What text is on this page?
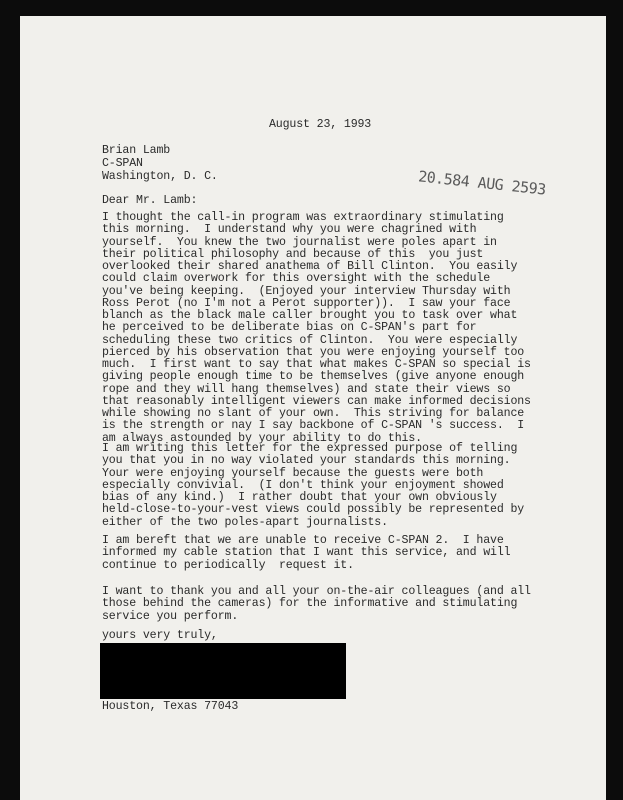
August 23, 1993
Brian Lamb
C-SPAN
Washington, D. C.	20.584 AUG 2593
Dear Mr. Lamb:
I thought the call-in program was extraordinary stimulating
this morning.  I understand why you were chagrined with
yourself.  You knew the two journalist were poles apart in
their political philosophy and because of this  you just
overlooked their shared anathema of Bill Clinton.  You easily
could claim overwork for this oversight with the schedule
you've being keeping.  (Enjoyed your interview Thursday with
Ross Perot (no I'm not a Perot supporter)).  I saw your face
blanch as the black male caller brought you to task over what
he perceived to be deliberate bias on C-SPAN's part for
scheduling these two critics of Clinton.  You were especially
pierced by his observation that you were enjoying yourself too
much.  I first want to say that what makes C-SPAN so special is
giving people enough time to be themselves (give anyone enough
rope and they will hang themselves) and state their views so
that reasonably intelligent viewers can make informed decisions
while showing no slant of your own.  This striving for balance
is the strength or nay I say backbone of C-SPAN 's success.  I
am always astounded by your ability to do this.
I am writing this letter for the expressed purpose of telling
you that you in no way violated your standards this morning.
Your were enjoying yourself because the guests were both
especially convivial.  (I don't think your enjoyment showed
bias of any kind.)  I rather doubt that your own obviously
held-close-to-your-vest views could possibly be represented by
either of the two poles-apart journalists.
I am bereft that we are unable to receive C-SPAN 2.  I have
informed my cable station that I want this service, and will
continue to periodically  request it.
I want to thank you and all your on-the-air colleagues (and all
those behind the cameras) for the informative and stimulating
service you perform.
yours very truly,
Houston, Texas 77043
